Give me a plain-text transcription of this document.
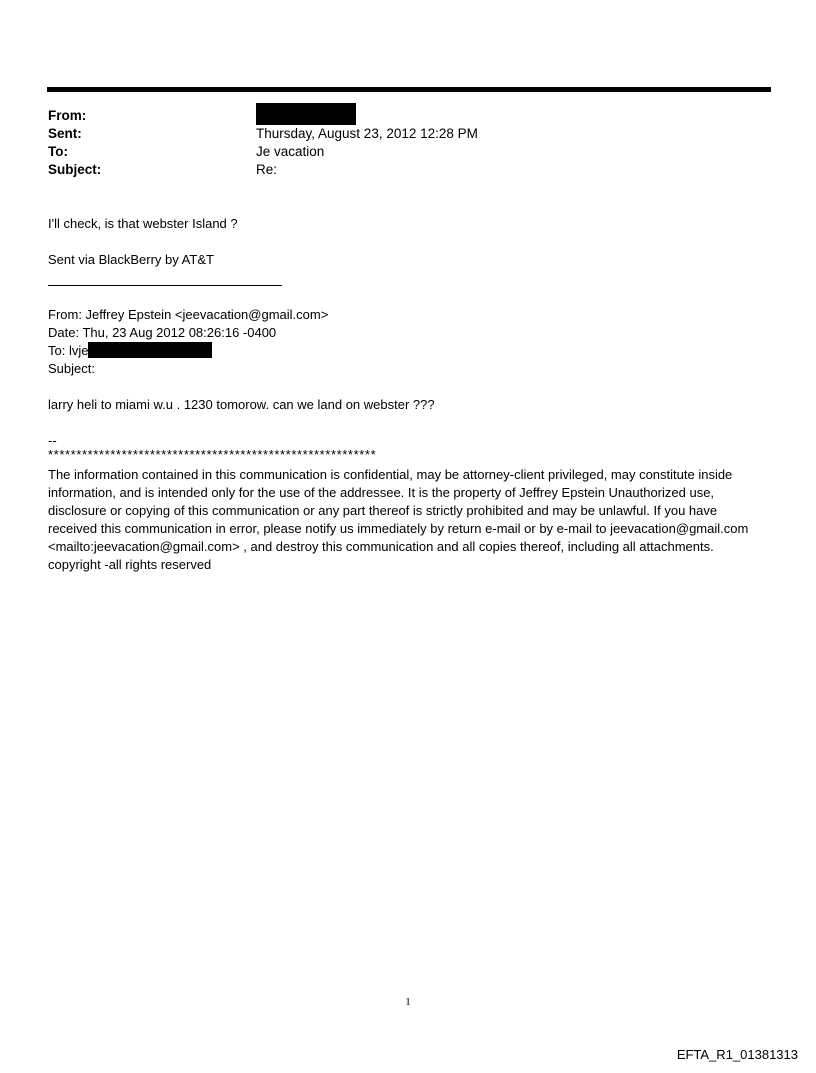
From:
Sent:	Thursday, August 23, 2012 12:28 PM
To:	Je vacation
Subject:	Re:
I'll check, is that webster Island ?
Sent via BlackBerry by AT&T
From: Jeffrey Epstein <jeevacation@gmail.com>
Date: Thu, 23 Aug 2012 08:26:16 -0400
To: lvje
Subject:
larry heli to miami w.u . 1230 tomorow. can we land on webster ???
--
**********************************************************
The information contained in this communication is confidential, may be attorney-client privileged, may constitute inside information, and is intended only for the use of the addressee. It is the property of Jeffrey Epstein Unauthorized use, disclosure or copying of this communication or any part thereof is strictly prohibited and may be unlawful. If you have received this communication in error, please notify us immediately by return e-mail or by e-mail to jeevacation@gmail.com <mailto:jeevacation@gmail.com> , and destroy this communication and all copies thereof, including all attachments. copyright -all rights reserved
1
EFTA_R1_01381313
